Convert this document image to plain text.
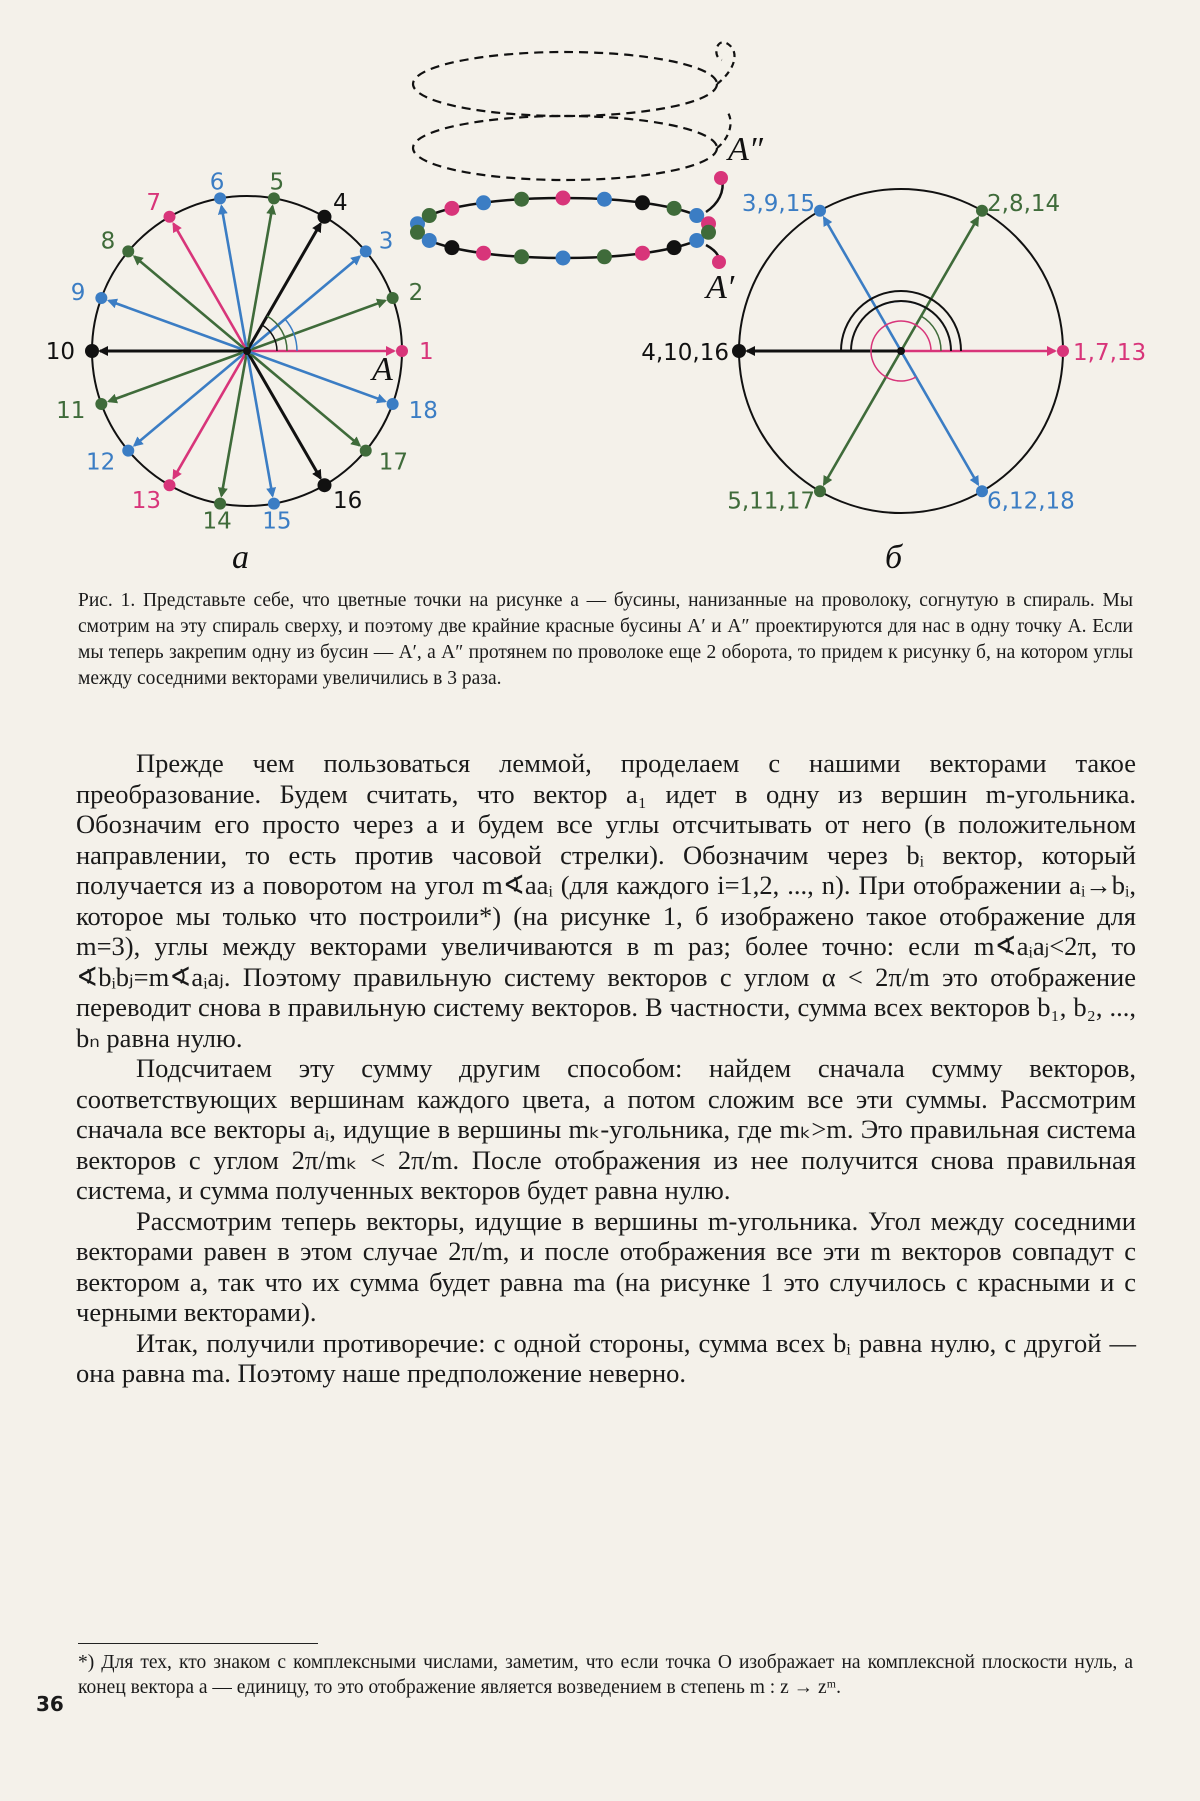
1
2
3
4
5
6
7
8
9
10
11
12
13
14 15
16
17
18
A
а
A″
A′
1,7,13
2,8,14
3,9,15
4,10,16
5,11,17	6,12,18
б
Рис. 1. Представьте себе, что цветные точки на рисунке а — бусины, нанизанные на проволоку, согнутую в спираль. Мы смотрим на эту спираль сверху, и поэтому две крайние красные бусины A′ и A″ проектируются для нас в одну точку A. Если мы теперь закрепим одну из бусин — A′, а A″ протянем по проволоке еще 2 оборота, то придем к рисунку б, на котором углы между соседними векторами увеличились в 3 раза.

Прежде чем пользоваться леммой, проделаем с нашими векторами такое преобразование. Будем считать, что вектор a₁ идет в одну из вершин m-угольника. Обозначим его просто через a и будем все углы отсчитывать от него (в положительном направлении, то есть против часовой стрелки). Обозначим через bᵢ вектор, который получается из a поворотом на угол m∢aaᵢ (для каждого i=1,2, ..., n). При отображении aᵢ→bᵢ, которое мы только что построили*) (на рисунке 1, б изображено такое отображение для m=3), углы между векторами увеличиваются в m раз; более точно: если m∢aᵢaⱼ<2π, то ∢bᵢbⱼ=m∢aᵢaⱼ. Поэтому правильную систему векторов с углом α < 2π/m это отображение переводит снова в правильную систему векторов. В частности, сумма всех векторов b₁, b₂, ..., bₙ равна нулю.

Подсчитаем эту сумму другим способом: найдем сначала сумму векторов, соответствующих вершинам каждого цвета, а потом сложим все эти суммы. Рассмотрим сначала все векторы aᵢ, идущие в вершины mₖ-угольника, где mₖ>m. Это правильная система векторов с углом 2π/mₖ < 2π/m. После отображения из нее получится снова правильная система, и сумма полученных векторов будет равна нулю.

Рассмотрим теперь векторы, идущие в вершины m-угольника. Угол между соседними векторами равен в этом случае 2π/m, и после отображения все эти m векторов совпадут с вектором a, так что их сумма будет равна ma (на рисунке 1 это случилось с красными и с черными векторами).

Итак, получили противоречие: с одной стороны, сумма всех bᵢ равна нулю, с другой — она равна ma. Поэтому наше предположение неверно.

*) Для тех, кто знаком с комплексными числами, заметим, что если точка O изображает на комплексной плоскости нуль, а конец вектора a — единицу, то это отображение является возведением в степень m : z → zᵐ.
36
